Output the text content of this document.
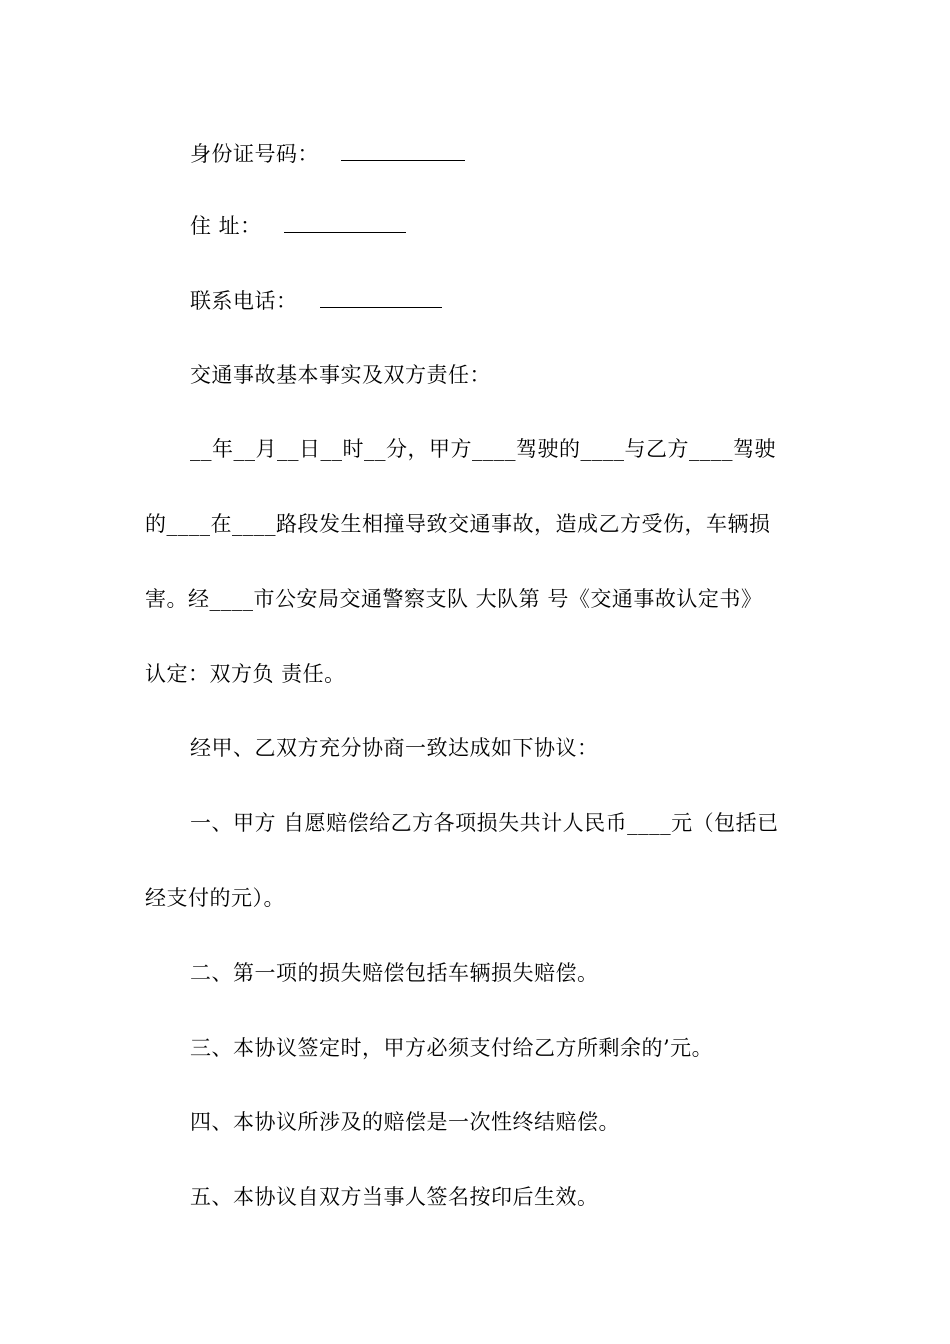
身份证号码：
住 址：
联系电话：
交通事故基本事实及双方责任：
__年__月__日__时__分，甲方____驾驶的____与乙方____驾驶
的____在____路段发生相撞导致交通事故，造成乙方受伤，车辆损
害。经____市公安局交通警察支队 大队第 号《交通事故认定书》
认定：双方负 责任。
经甲、乙双方充分协商一致达成如下协议：
一、甲方 自愿赔偿给乙方各项损失共计人民币____元（包括已
经支付的元）。
二、第一项的损失赔偿包括车辆损失赔偿。
三、本协议签定时，甲方必须支付给乙方所剩余的’元。
四、本协议所涉及的赔偿是一次性终结赔偿。
五、本协议自双方当事人签名按印后生效。
